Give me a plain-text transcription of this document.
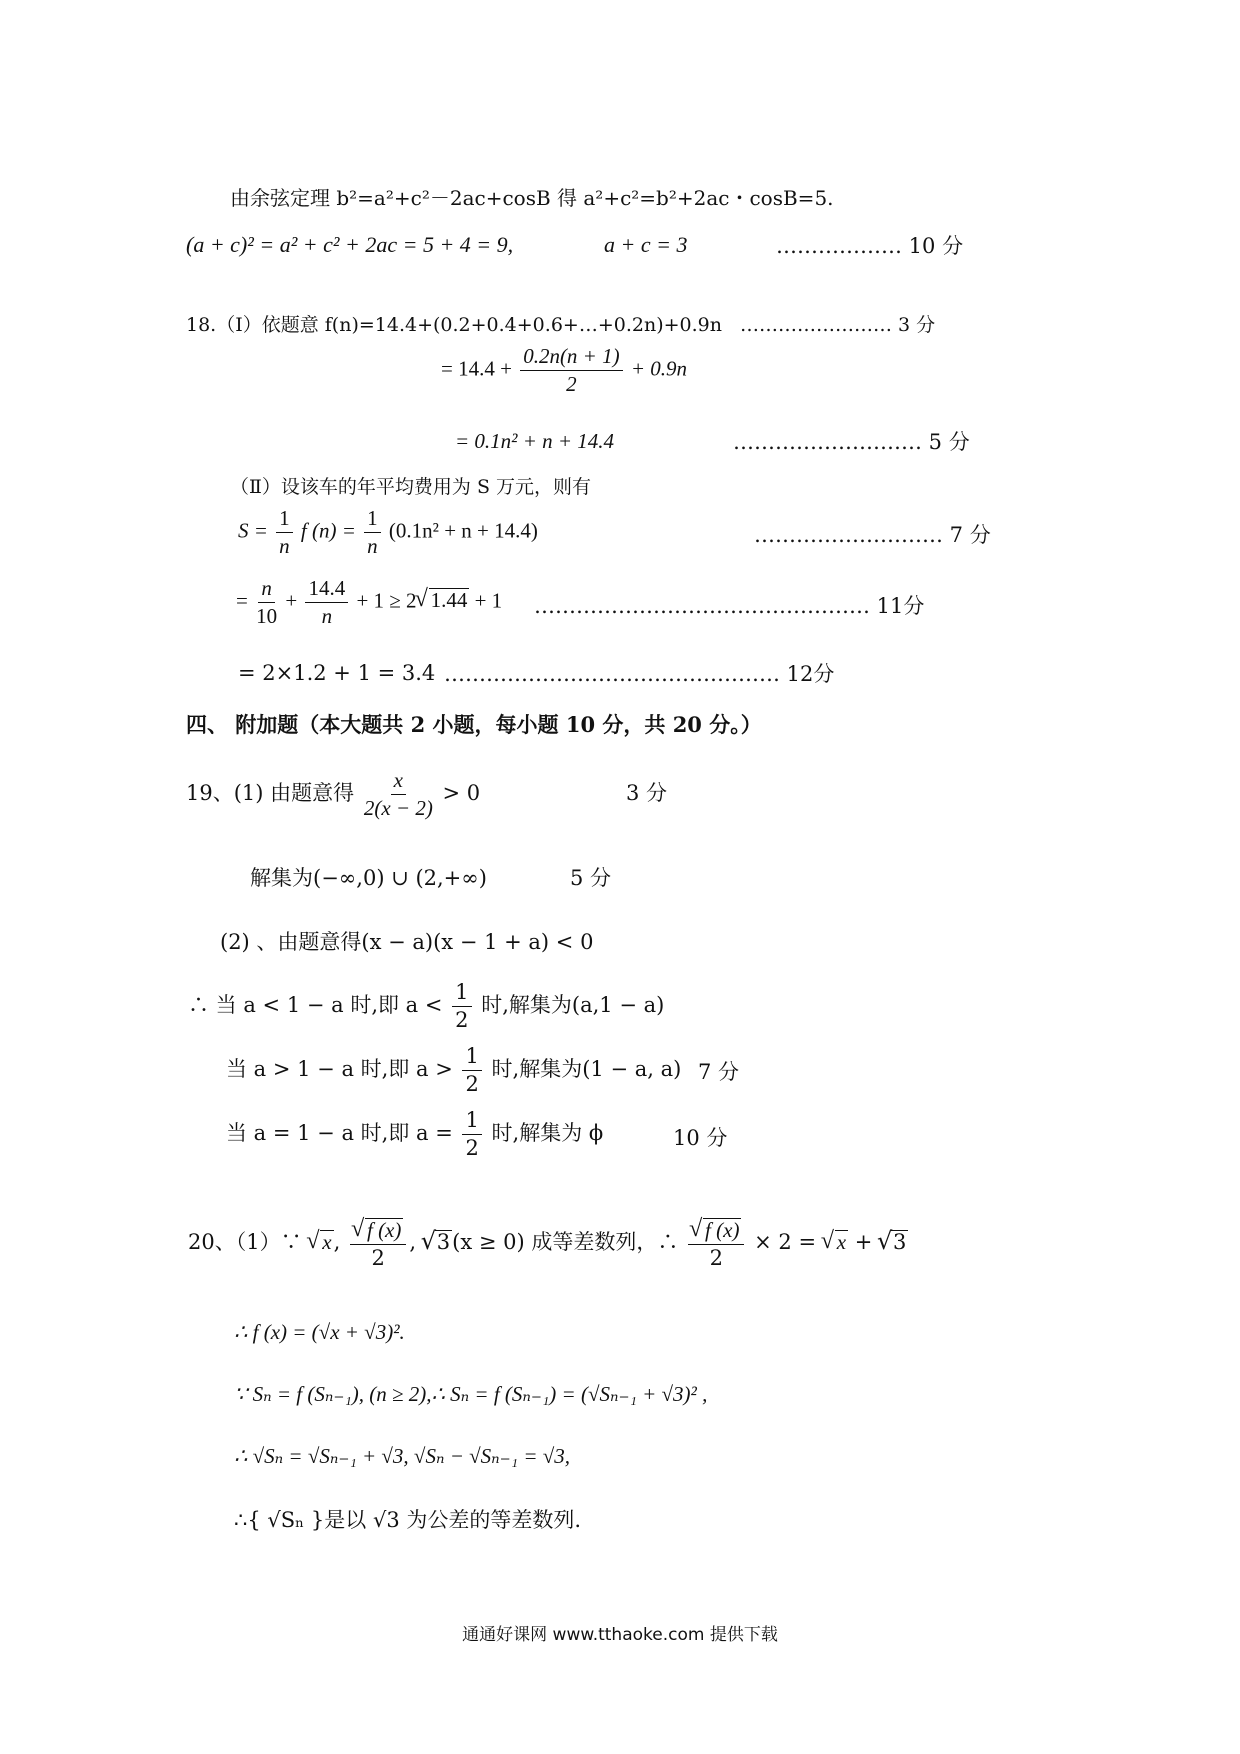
由余弦定理 b²=a²+c²－2ac+cosB 得 a²+c²=b²+2ac・cosB=5.
(a + c)² = a² + c² + 2ac = 5 + 4 = 9,	a + c = 3	……………… 10 分
18.（Ⅰ）依题意 f(n)=14.4+(0.2+0.4+0.6+…+0.2n)+0.9n …………………… 3 分
= $14.4 + \frac{0.2n(n + 1)}{2} + 0.9n$
= 0.1n² + n + 14.4	……………………… 5 分
（Ⅱ）设该车的年平均费用为 S 万元，则有
$S = \frac{1}{n}$ f $(n) = \frac{1}{n} (0.1n^2 + n + 14.4)$	……………………… 7 分
= $\frac{n}{10} + \frac{14.4}{n} + 1 \ge 2√$ 1.44 + 1 ………………………………………… 11分
= 2×1.2 + 1 = 3.4 ………………………………………… 12分
四、 附加题（本大题共 2 小题，每小题 10 分，共 20 分。）
19、(1) 由题意得 $\frac{x}{2(x - 2)} > 0$	3 分
解集为(−∞,0) ∪ (2,+∞)	5 分
(2) 、由题意得(x − a)(x − 1 + a) < 0
∴ 当 a < 1 − a 时,即 $a < \frac{1}{2}$ 时,解集为(a,1 − a)
当 a > 1 − a 时,即 $a > \frac{1}{2}$ 时,解集为(1 − a, a) 7 分
当 a = 1 − a 时,即 $a = \frac{1}{2}$ 时,解集为 ϕ	10 分
20、（1）∵ √ x,
√ $\frac{f (x)}{2}$ , √ 3(x ≥ 0) 成等差数列，∴
√ $\frac{f (x)}{2} \times 2$ = √ x + √ 3
∴ f (x) = (√x + √3)².
∵ Sₙ = f (Sₙ₋₁), (n ≥ 2),∴ Sₙ = f (Sₙ₋₁) = (√Sₙ₋₁ + √3)² ,
∴ √Sₙ = √Sₙ₋₁ + √3, √Sₙ − √Sₙ₋₁ = √3,
∴{ √Sₙ }是以 √3 为公差的等差数列.
通通好课网 www.tthaoke.com 提供下载
